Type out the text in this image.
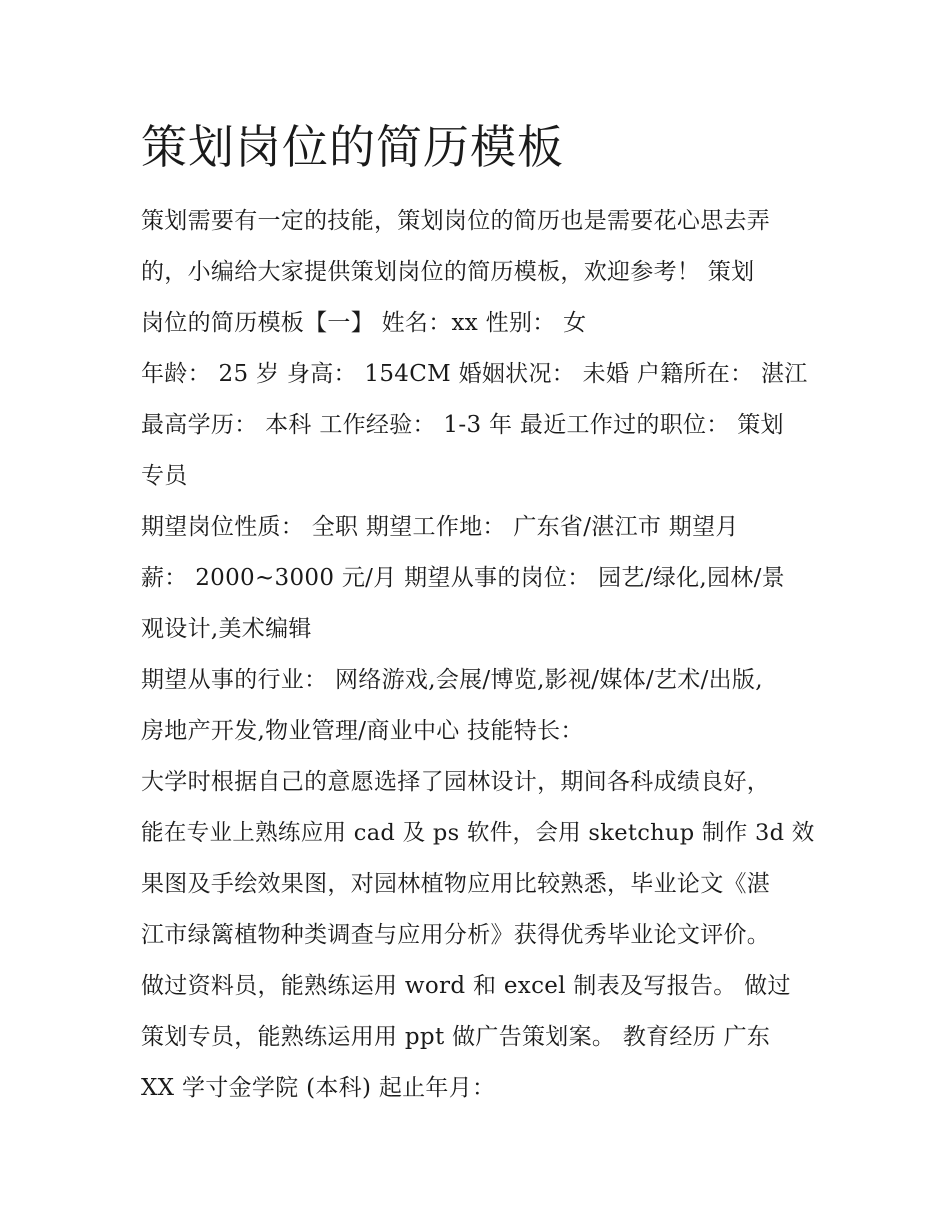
策划岗位的简历模板

策划需要有一定的技能，策划岗位的简历也是需要花心思去弄

的，小编给大家提供策划岗位的简历模板，欢迎参考！ 策划

岗位的简历模板【一】 姓名：xx 性别： 女

年龄： 25 岁 身高： 154CM 婚姻状况： 未婚 户籍所在： 湛江

最高学历： 本科 工作经验： 1-3 年 最近工作过的职位： 策划

专员

期望岗位性质： 全职 期望工作地： 广东省/湛江市 期望月

薪： 2000~3000 元/月 期望从事的岗位： 园艺/绿化,园林/景

观设计,美术编辑

期望从事的行业： 网络游戏,会展/博览,影视/媒体/艺术/出版,

房地产开发,物业管理/商业中心 技能特长：

大学时根据自己的意愿选择了园林设计，期间各科成绩良好，

能在专业上熟练应用 cad 及 ps 软件，会用 sketchup 制作 3d 效

果图及手绘效果图，对园林植物应用比较熟悉，毕业论文《湛

江市绿篱植物种类调查与应用分析》获得优秀毕业论文评价。

做过资料员，能熟练运用 word 和 excel 制表及写报告。 做过

策划专员，能熟练运用用 ppt 做广告策划案。 教育经历 广东

XX 学寸金学院 (本科) 起止年月：
